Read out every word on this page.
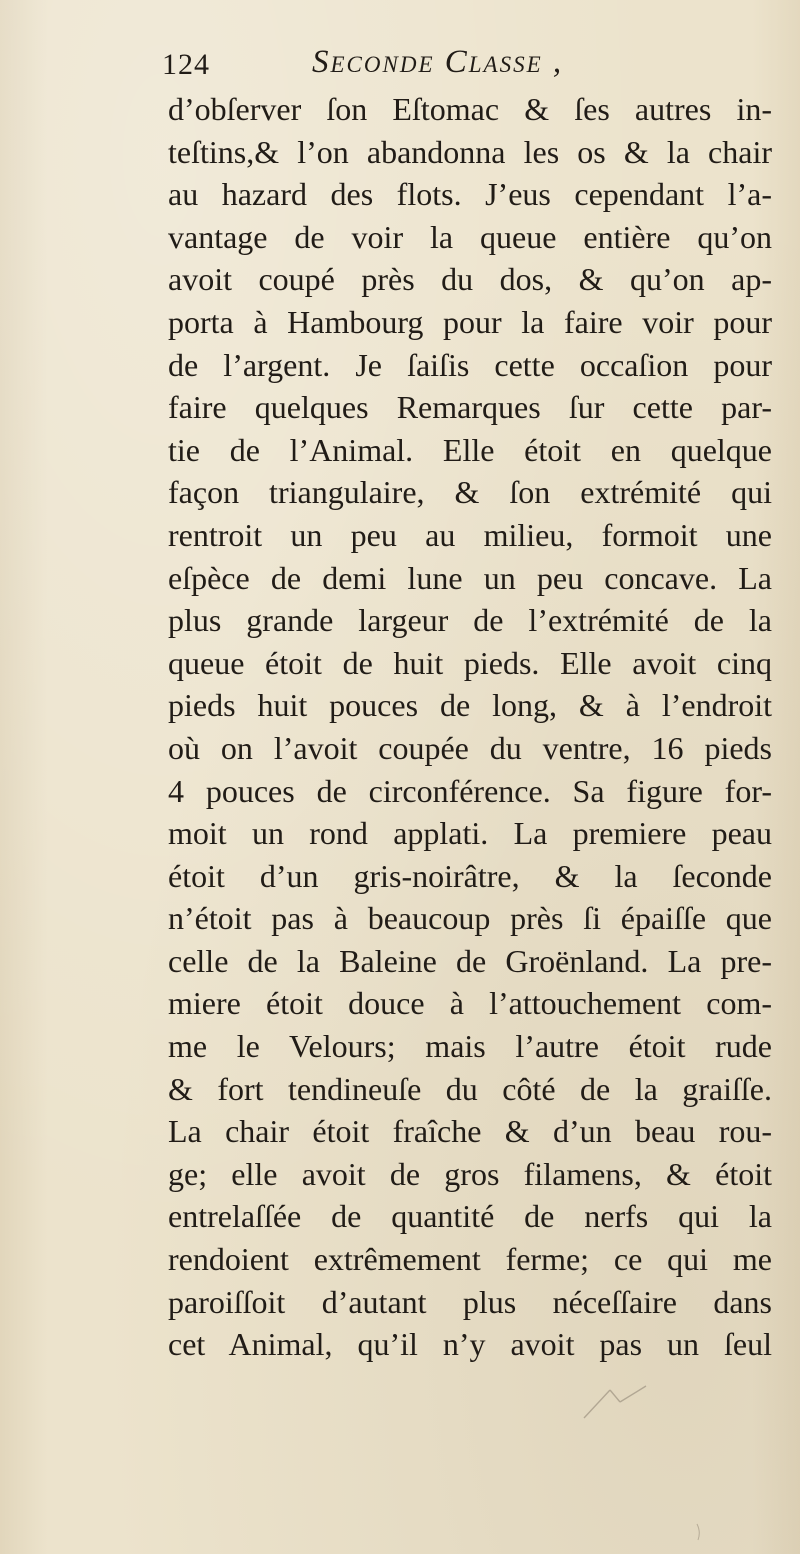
124	Seconde Classe ,
d’obſerver ſon Eſtomac & ſes autres in-
teſtins,& l’on abandonna les os & la chair
au hazard des flots. J’eus cependant l’a-
vantage de voir la queue entière qu’on
avoit coupé près du dos, & qu’on ap-
porta à Hambourg pour la faire voir pour
de l’argent. Je ſaiſis cette occaſion pour
faire quelques Remarques ſur cette par-
tie de l’Animal. Elle étoit en quelque
façon triangulaire, & ſon extrémité qui
rentroit un peu au milieu, formoit une
eſpèce de demi lune un peu concave. La
plus grande largeur de l’extrémité de la
queue étoit de huit pieds. Elle avoit cinq
pieds huit pouces de long, & à l’endroit
où on l’avoit coupée du ventre, 16 pieds
4 pouces de circonférence. Sa figure for-
moit un rond applati. La premiere peau
étoit d’un gris-noirâtre, & la ſeconde
n’étoit pas à beaucoup près ſi épaiſſe que
celle de la Baleine de Groënland. La pre-
miere étoit douce à l’attouchement com-
me le Velours; mais l’autre étoit rude
& fort tendineuſe du côté de la graiſſe.
La chair étoit fraîche & d’un beau rou-
ge; elle avoit de gros filamens, & étoit
entrelaſſée de quantité de nerfs qui la
rendoient extrêmement ferme; ce qui me
paroiſſoit d’autant plus néceſſaire dans
cet Animal, qu’il n’y avoit pas un ſeul
